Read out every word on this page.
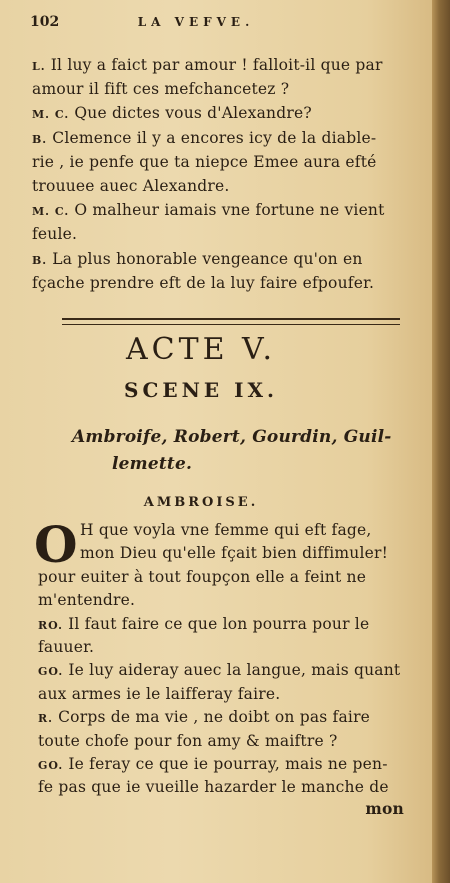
102	LA VEFVE.
L. Il luy a faict par amour ! falloit-il que par
amour il fift ces mefchancetez ?
M. C. Que dictes vous d'Alexandre?
B. Clemence il y a encores icy de la diable-
rie , ie penfe que ta niepce Emee aura efté
trouuee auec Alexandre.
M. C. O malheur iamais vne fortune ne vient
feule.
B. La plus honorable vengeance qu'on en
fçache prendre eft de la luy faire efpoufer.
ACTE V.
SCENE IX.
Ambroife, Robert, Gourdin, Guil-
lemette.
AMBROISE.
O H que voyla vne femme qui eft fage,
mon Dieu qu'elle fçait bien diffimuler!
pour euiter à tout foupçon elle a feint ne
m'entendre.
RO. Il faut faire ce que lon pourra pour le
fauuer.
GO. Ie luy aideray auec la langue, mais quant
aux armes ie le laifferay faire.
R. Corps de ma vie , ne doibt on pas faire
toute chofe pour fon amy & maiftre ?
GO. Ie feray ce que ie pourray, mais ne pen-
fe pas que ie vueille hazarder le manche de
mon
